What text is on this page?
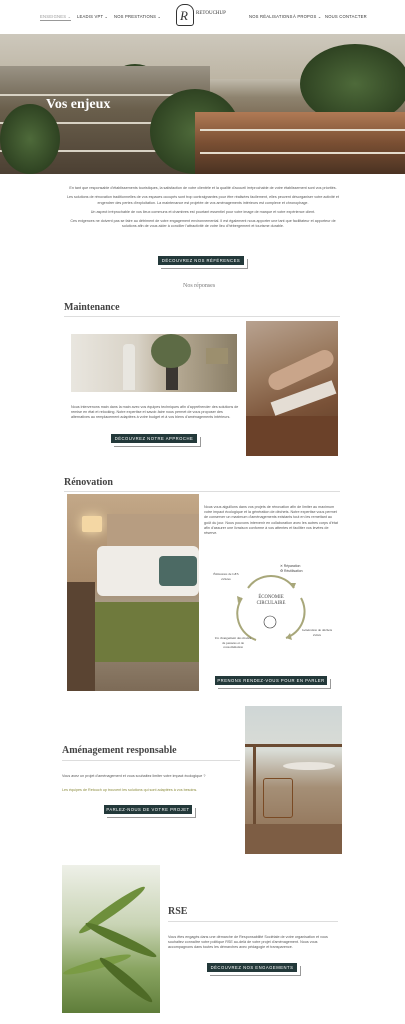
ENSEIGNES ⌄ LEADIS VPT ⌄ NOS PRESTATIONS ⌄ R RETOUCHUP
NOS RÉALISATIONS À PROPOS ⌄ NOUS CONTACTER
Vos enjeux

En tant que responsable d'établissements touristiques, la satisfaction de votre clientèle et la qualité d'accueil irréprochable de votre établissement sont vos priorités.

Les solutions de rénovation traditionnelles de vos espaces occupés sont trop contraignantes pour être réalisées facilement, elles peuvent désorganiser votre activité et engendrer des pertes d'exploitation. La maintenance est projetée de vos aménagements intérieurs est complexe et chronophage.

Un aspect irréprochable de vos lieux communs et chambres est pourtant essentiel pour votre image de marque et votre expérience client.

Ces exigences ne doivent pas se faire au détriment de votre engagement environnemental. Il est également nous apporter une tant que facilitateur et apporteur de solutions afin de vous aider à concilier l'attractivité de votre lieu d'hébergement et tourisme durable.

DÉCOUVREZ NOS RÉFÉRENCES
Nos réponses
Maintenance
Nous intervenons main dans la main avec vos équipes techniques afin d'appréhender des solutions de remise en état et relooking. Notre expertise et savoir-faire nous permet de vous proposer des alternatives au remplacement adaptées à votre budget et à vos biens d'aménagements intérieurs.
DÉCOUVREZ NOTRE APPROCHE
Rénovation
Nous vous aiguillons dans vos projets de rénovation afin de limiter au maximum votre impact écologique et la génération de déchets. Notre expertise vous permet de conserver un maximum d'aménagements existants tout en les remettant au goût du jour. Nous pouvons intervenir en collaboration avec les autres corps d'état afin d'assurer une livraison conforme à vos attentes et faciliter vos levées de réserve.
ÉCONOMIE
CIRCULAIRE
✕ Réparation
♻ Réutilisation
Émissions de GES évitées
Génération de déchets évités
Un changement des modes de pensées et de consommation
PRENONS RENDEZ-VOUS POUR EN PARLER
Aménagement responsable
Vous avez un projet d'aménagement et vous souhaitez limiter votre impact écologique ?
Les équipes de Retouch up trouvent les solutions qui sont adaptées à vos besoins.
PARLEZ-NOUS DE VOTRE PROJET
RSE
Vous êtes engagés dans une démarche de Responsabilité Sociétale de votre organisation et vous souhaitez connaître votre politique RSE au-delà de votre projet d'aménagement. Nous vous accompagnons dans toutes les démarches avec pédagogie et transparence.
DÉCOUVREZ NOS ENGAGEMENTS
